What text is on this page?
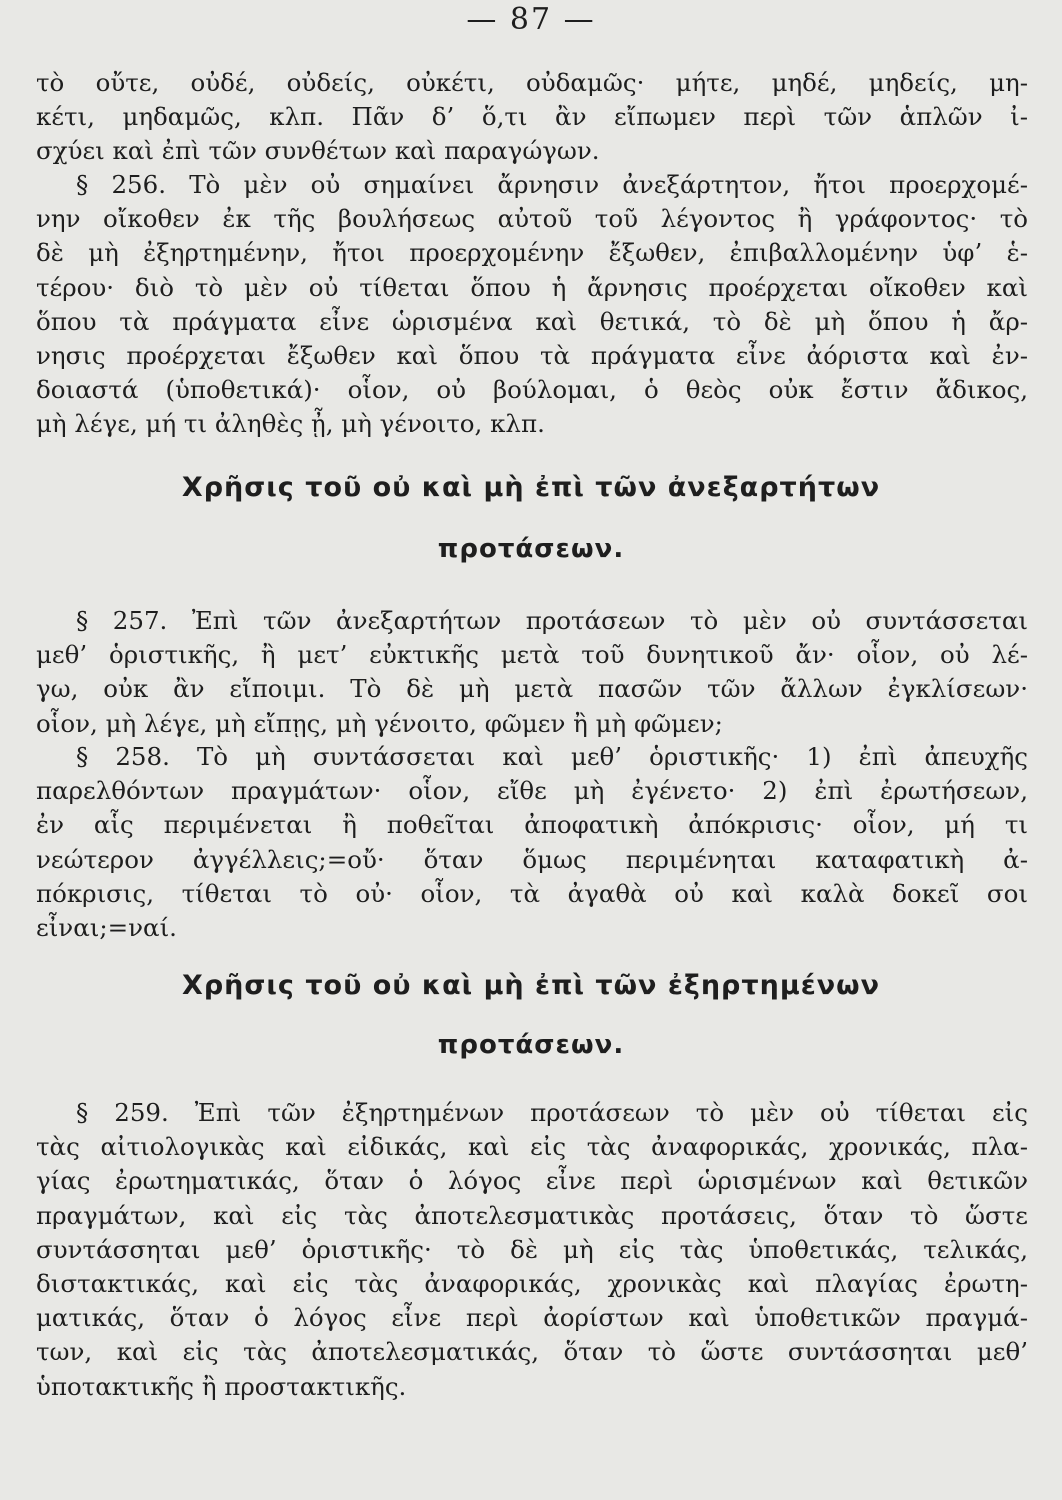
— 87 —
τὸ οὔτε, οὐδέ, οὐδείς, οὐκέτι, οὐδαμῶς· μήτε, μηδέ, μηδείς, μη-
κέτι, μηδαμῶς, κλπ. Πᾶν δ’ ὅ,τι ἂν εἴπωμεν περὶ τῶν ἁπλῶν ἰ-
σχύει καὶ ἐπὶ τῶν συνθέτων καὶ παραγώγων.
§ 256. Τὸ μὲν οὐ σημαίνει ἄρνησιν ἀνεξάρτητον, ἤτοι προερχομέ-
νην οἴκοθεν ἐκ τῆς βουλήσεως αὐτοῦ τοῦ λέγοντος ἢ γράφοντος· τὸ
δὲ μὴ ἐξηρτημένην, ἤτοι προερχομένην ἔξωθεν, ἐπιβαλλομένην ὑφ’ ἑ-
τέρου· διὸ τὸ μὲν οὐ τίθεται ὅπου ἡ ἄρνησις προέρχεται οἴκοθεν καὶ
ὅπου τὰ πράγματα εἶνε ὡρισμένα καὶ θετικά, τὸ δὲ μὴ ὅπου ἡ ἄρ-
νησις προέρχεται ἔξωθεν καὶ ὅπου τὰ πράγματα εἶνε ἀόριστα καὶ ἐν-
δοιαστά (ὑποθετικά)· οἷον, οὐ βούλομαι, ὁ θεὸς οὐκ ἔστιν ἄδικος,
μὴ λέγε, μή τι ἀληθὲς ᾖ, μὴ γένοιτο, κλπ.
Χρῆσις τοῦ οὐ καὶ μὴ ἐπὶ τῶν ἀνεξαρτήτων
προτάσεων.
§ 257. Ἐπὶ τῶν ἀνεξαρτήτων προτάσεων τὸ μὲν οὐ συντάσσεται
μεθ’ ὁριστικῆς, ἢ μετ’ εὐκτικῆς μετὰ τοῦ δυνητικοῦ ἄν· οἷον, οὐ λέ-
γω, οὐκ ἂν εἴποιμι. Τὸ δὲ μὴ μετὰ πασῶν τῶν ἄλλων ἐγκλίσεων·
οἷον, μὴ λέγε, μὴ εἴπῃς, μὴ γένοιτο, φῶμεν ἢ μὴ φῶμεν;
§ 258. Τὸ μὴ συντάσσεται καὶ μεθ’ ὁριστικῆς· 1) ἐπὶ ἀπευχῆς
παρελθόντων πραγμάτων· οἷον, εἴθε μὴ ἐγένετο· 2) ἐπὶ ἐρωτήσεων,
ἐν αἷς περιμένεται ἢ ποθεῖται ἀποφατικὴ ἀπόκρισις· οἷον, μή τι
νεώτερον ἀγγέλλεις;=οὔ· ὅταν ὅμως περιμένηται καταφατικὴ ἀ-
πόκρισις, τίθεται τὸ οὐ· οἷον, τὰ ἀγαθὰ οὐ καὶ καλὰ δοκεῖ σοι
εἶναι;=ναί.
Χρῆσις τοῦ οὐ καὶ μὴ ἐπὶ τῶν ἐξηρτημένων
προτάσεων.
§ 259. Ἐπὶ τῶν ἐξηρτημένων προτάσεων τὸ μὲν οὐ τίθεται εἰς
τὰς αἰτιολογικὰς καὶ εἰδικάς, καὶ εἰς τὰς ἀναφορικάς, χρονικάς, πλα-
γίας ἐρωτηματικάς, ὅταν ὁ λόγος εἶνε περὶ ὡρισμένων καὶ θετικῶν
πραγμάτων, καὶ εἰς τὰς ἀποτελεσματικὰς προτάσεις, ὅταν τὸ ὥστε
συντάσσηται μεθ’ ὁριστικῆς· τὸ δὲ μὴ εἰς τὰς ὑποθετικάς, τελικάς,
διστακτικάς, καὶ εἰς τὰς ἀναφορικάς, χρονικὰς καὶ πλαγίας ἐρωτη-
ματικάς, ὅταν ὁ λόγος εἶνε περὶ ἀορίστων καὶ ὑποθετικῶν πραγμά-
των, καὶ εἰς τὰς ἀποτελεσματικάς, ὅταν τὸ ὥστε συντάσσηται μεθ’
ὑποτακτικῆς ἢ προστακτικῆς.
